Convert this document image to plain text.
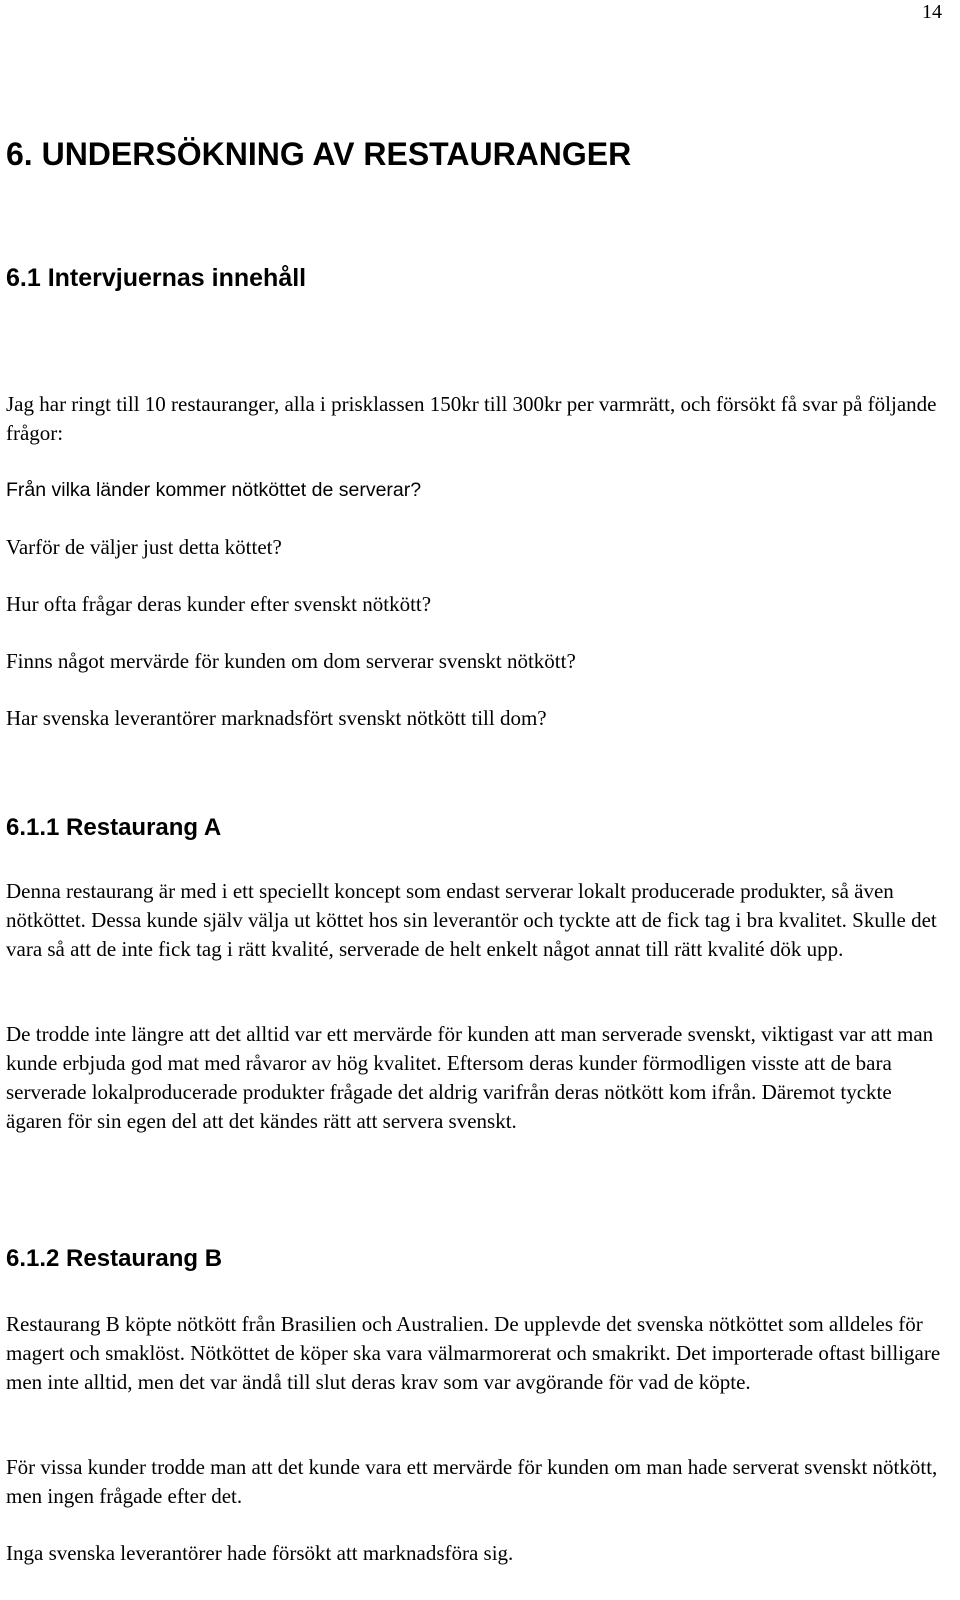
14
6. UNDERSÖKNING AV RESTAURANGER
6.1 Intervjuernas innehåll

Jag har ringt till 10 restauranger, alla i prisklassen 150kr till 300kr per varmrätt, och försökt få svar på följande frågor:

Från vilka länder kommer nötköttet de serverar?

Varför de väljer just detta köttet?

Hur ofta frågar deras kunder efter svenskt nötkött?

Finns något mervärde för kunden om dom serverar svenskt nötkött?

Har svenska leverantörer marknadsfört svenskt nötkött till dom?

6.1.1 Restaurang A

Denna restaurang är med i ett speciellt koncept som endast serverar lokalt producerade produkter, så även nötköttet. Dessa kunde själv välja ut köttet hos sin leverantör och tyckte att de fick tag i bra kvalitet. Skulle det vara så att de inte fick tag i rätt kvalité, serverade de helt enkelt något annat till rätt kvalité dök upp.

De trodde inte längre att det alltid var ett mervärde för kunden att man serverade svenskt, viktigast var att man kunde erbjuda god mat med råvaror av hög kvalitet. Eftersom deras kunder förmodligen visste att de bara serverade lokalproducerade produkter frågade det aldrig varifrån deras nötkött kom ifrån. Däremot tyckte ägaren för sin egen del att det kändes rätt att servera svenskt.

6.1.2 Restaurang B

Restaurang B köpte nötkött från Brasilien och Australien. De upplevde det svenska nötköttet som alldeles för magert och smaklöst. Nötköttet de köper ska vara välmarmorerat och smakrikt. Det importerade oftast billigare men inte alltid, men det var ändå till slut deras krav som var avgörande för vad de köpte.

För vissa kunder trodde man att det kunde vara ett mervärde för kunden om man hade serverat svenskt nötkött, men ingen frågade efter det.

Inga svenska leverantörer hade försökt att marknadsföra sig.
